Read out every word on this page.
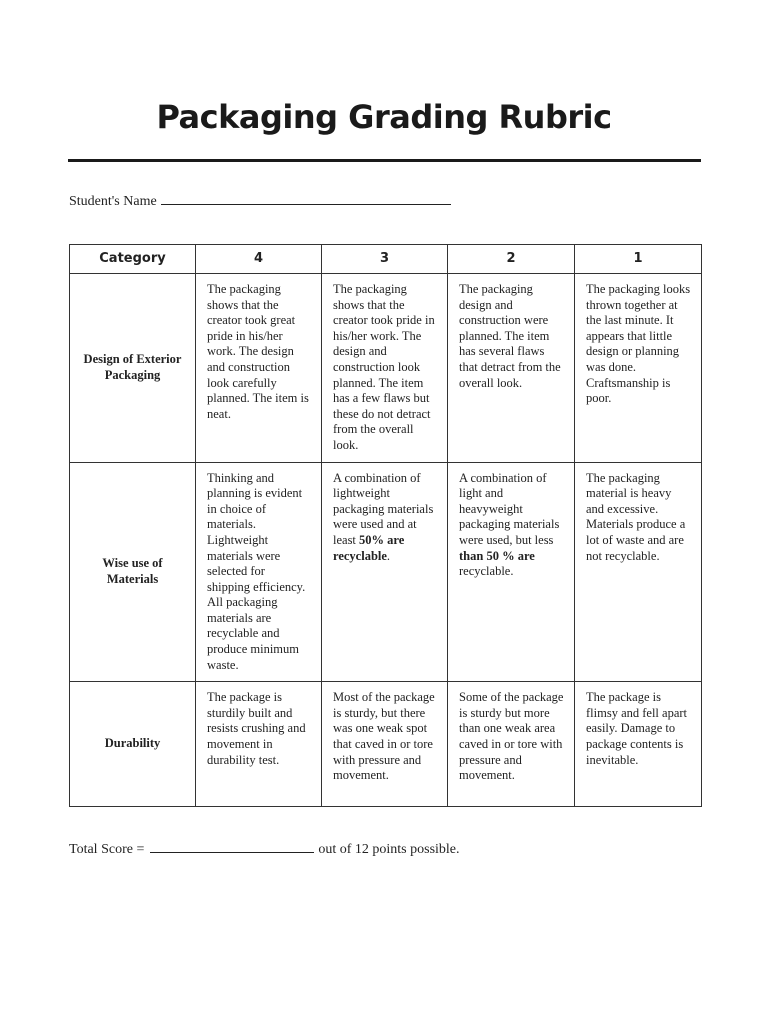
Packaging Grading Rubric
Student's Name
Category	4	3	2	1
Design of Exterior Packaging	The packaging shows that the creator took great pride in his/her work. The design and construction look carefully planned. The item is neat.	The packaging shows that the creator took pride in his/her work. The design and construction look planned. The item has a few flaws but these do not detract from the overall look.	The packaging design and construction were planned. The item has several flaws that detract from the overall look.	The packaging looks thrown together at the last minute. It appears that little design or planning was done. Craftsmanship is poor.
Wise use of Materials	Thinking and planning is evident in choice of materials. Lightweight materials were selected for shipping efficiency. All packaging materials are recyclable and produce minimum waste.	A combination of lightweight packaging materials were used and at least 50% are recyclable.	A combination of light and heavyweight packaging materials were used, but less than 50 % are recyclable.	The packaging material is heavy and excessive. Materials produce a lot of waste and are not recyclable.
Durability	The package is sturdily built and resists crushing and movement in durability test.	Most of the package is sturdy, but there was one weak spot that caved in or tore with pressure and movement.	Some of the package is sturdy but more than one weak area caved in or tore with pressure and movement.	The package is flimsy and fell apart easily. Damage to package contents is inevitable.
Total Score =	out of 12 points possible.
